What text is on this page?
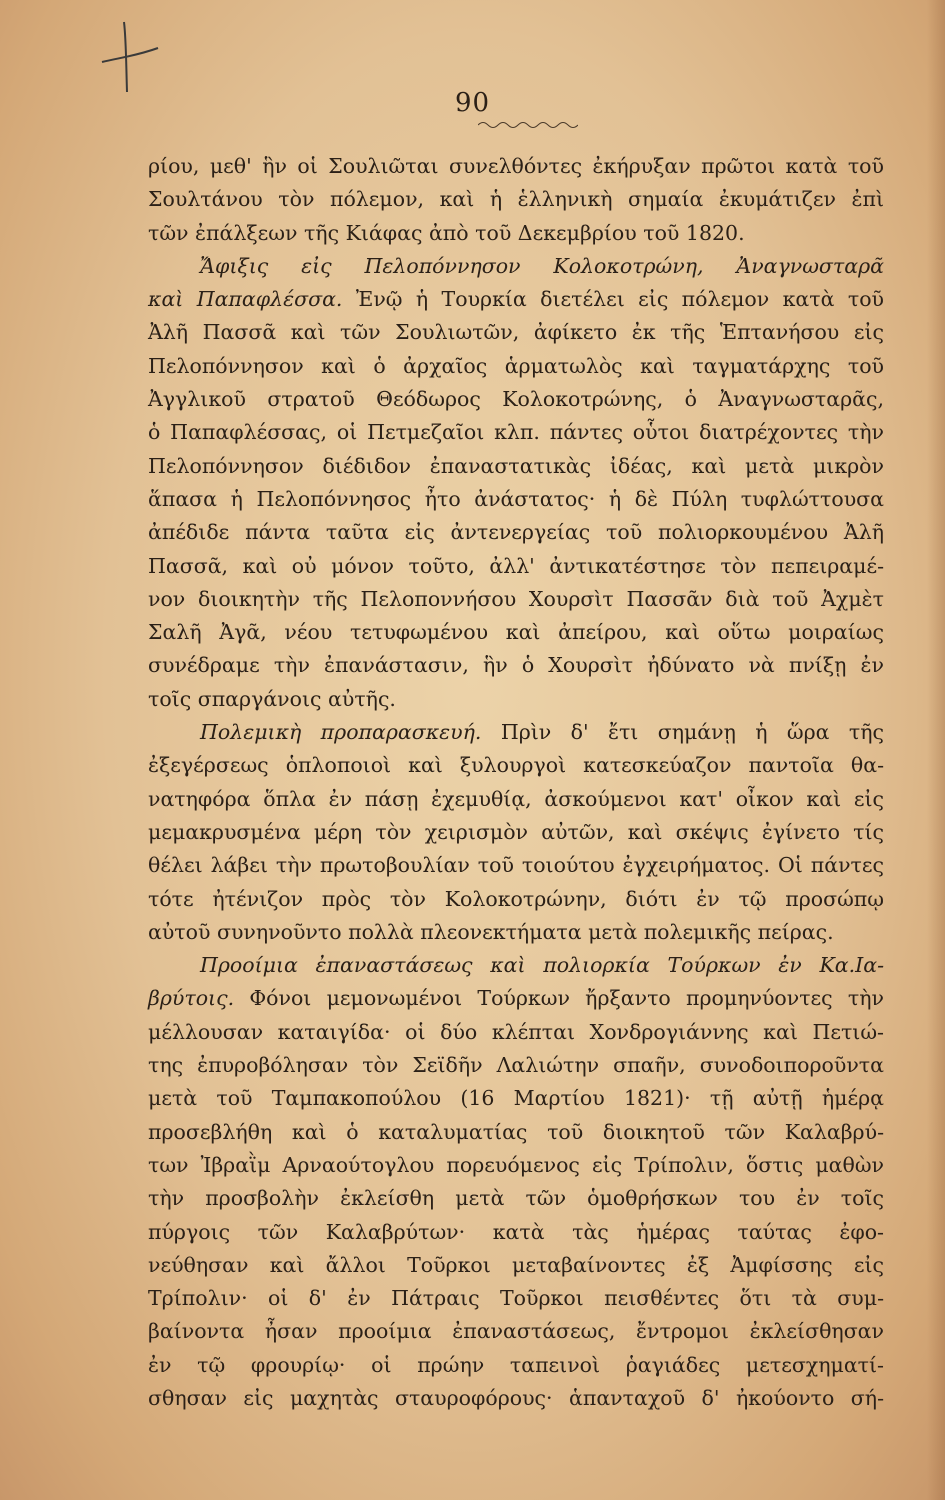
90
ρίου, μεθ' ἣν οἱ Σουλιῶται συνελθόντες ἐκήρυξαν πρῶτοι κατὰ τοῦ
Σουλτάνου τὸν πόλεμον, καὶ ἡ ἑλληνικὴ σημαία ἐκυμάτιζεν ἐπὶ
τῶν ἐπάλξεων τῆς Κιάφας ἀπὸ τοῦ Δεκεμβρίου τοῦ 1820.
Ἄφιξις εἰς Πελοπόννησον Κολοκοτρώνη, Ἀναγνωσταρᾶ
καὶ Παπαφλέσσα. Ἐνῷ ἡ Τουρκία διετέλει εἰς πόλεμον κατὰ τοῦ
Ἀλῆ Πασσᾶ καὶ τῶν Σουλιωτῶν, ἀφίκετο ἐκ τῆς Ἑπτανήσου εἰς
Πελοπόννησον καὶ ὁ ἀρχαῖος ἁρματωλὸς καὶ ταγματάρχης τοῦ
Ἀγγλικοῦ στρατοῦ Θεόδωρος Κολοκοτρώνης, ὁ Ἀναγνωσταρᾶς,
ὁ Παπαφλέσσας, οἱ Πετμεζαῖοι κλπ. πάντες οὗτοι διατρέχοντες τὴν
Πελοπόννησον διέδιδον ἐπαναστατικὰς ἰδέας, καὶ μετὰ μικρὸν
ἅπασα ἡ Πελοπόννησος ἦτο ἀνάστατος· ἡ δὲ Πύλη τυφλώττουσα
ἀπέδιδε πάντα ταῦτα εἰς ἀντενεργείας τοῦ πολιορκουμένου Ἀλῆ
Πασσᾶ, καὶ οὐ μόνον τοῦτο, ἀλλ' ἀντικατέστησε τὸν πεπειραμέ-
νον διοικητὴν τῆς Πελοποννήσου Χουρσὶτ Πασσᾶν διὰ τοῦ Ἀχμὲτ
Σαλῆ Ἀγᾶ, νέου τετυφωμένου καὶ ἀπείρου, καὶ οὕτω μοιραίως
συνέδραμε τὴν ἐπανάστασιν, ἣν ὁ Χουρσὶτ ἠδύνατο νὰ πνίξῃ ἐν
τοῖς σπαργάνοις αὐτῆς.
Πολεμικὴ προπαρασκευή. Πρὶν δ' ἔτι σημάνῃ ἡ ὥρα τῆς
ἐξεγέρσεως ὁπλοποιοὶ καὶ ξυλουργοὶ κατεσκεύαζον παντοῖα θα-
νατηφόρα ὅπλα ἐν πάσῃ ἐχεμυθίᾳ, ἀσκούμενοι κατ' οἶκον καὶ εἰς
μεμακρυσμένα μέρη τὸν χειρισμὸν αὐτῶν, καὶ σκέψις ἐγίνετο τίς
θέλει λάβει τὴν πρωτοβουλίαν τοῦ τοιούτου ἐγχειρήματος. Οἱ πάντες
τότε ἠτένιζον πρὸς τὸν Κολοκοτρώνην, διότι ἐν τῷ προσώπῳ
αὐτοῦ συνηνοῦντο πολλὰ πλεονεκτήματα μετὰ πολεμικῆς πείρας.
Προοίμια ἐπαναστάσεως καὶ πολιορκία Τούρκων ἐν Κα.Ια-
βρύτοις. Φόνοι μεμονωμένοι Τούρκων ἤρξαντο προμηνύοντες τὴν
μέλλουσαν καταιγίδα· οἱ δύο κλέπται Χονδρογιάννης καὶ Πετιώ-
της ἐπυροβόλησαν τὸν Σεϊδῆν Λαλιώτην σπαῆν, συνοδοιποροῦντα
μετὰ τοῦ Ταμπακοπούλου (16 Μαρτίου 1821)· τῇ αὐτῇ ἡμέρᾳ
προσεβλήθη καὶ ὁ καταλυματίας τοῦ διοικητοῦ τῶν Καλαβρύ-
των Ἰβραῒμ Αρναούτογλου πορευόμενος εἰς Τρίπολιν, ὅστις μαθὼν
τὴν προσβολὴν ἐκλείσθη μετὰ τῶν ὁμοθρήσκων του ἐν τοῖς
πύργοις τῶν Καλαβρύτων· κατὰ τὰς ἡμέρας ταύτας ἐφο-
νεύθησαν καὶ ἄλλοι Τοῦρκοι μεταβαίνοντες ἐξ Ἀμφίσσης εἰς
Τρίπολιν· οἱ δ' ἐν Πάτραις Τοῦρκοι πεισθέντες ὅτι τὰ συμ-
βαίνοντα ἦσαν προοίμια ἐπαναστάσεως, ἔντρομοι ἐκλείσθησαν
ἐν τῷ φρουρίῳ· οἱ πρώην ταπεινοὶ ῥαγιάδες μετεσχηματί-
σθησαν εἰς μαχητὰς σταυροφόρους· ἁπανταχοῦ δ' ἠκούοντο σή-
